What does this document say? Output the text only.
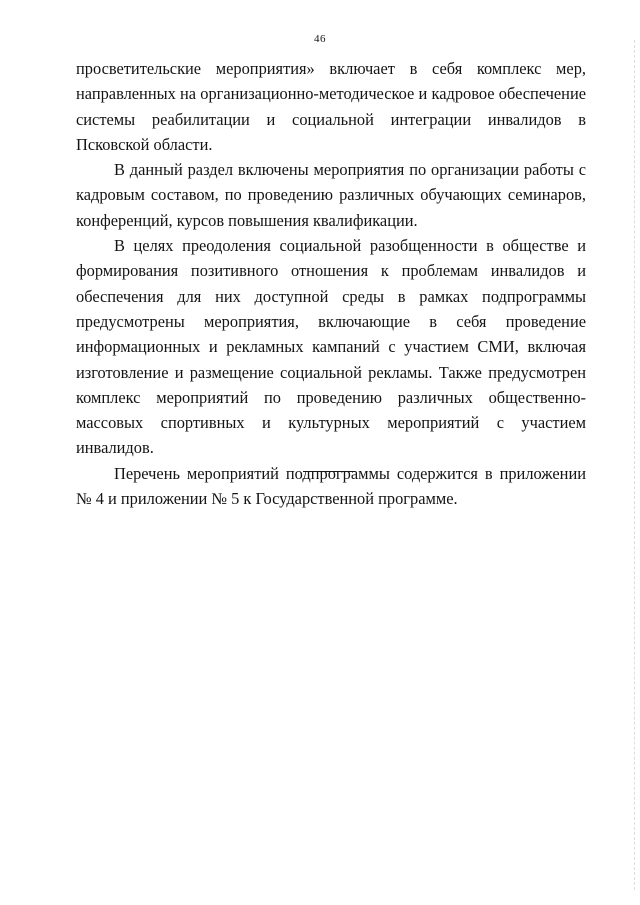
46

просветительские мероприятия» включает в себя комплекс мер, направленных на организационно-методическое и кадровое обеспечение системы реабилитации и социальной интеграции инвалидов в Псковской области.

В данный раздел включены мероприятия по организации работы с кадровым составом, по проведению различных обучающих семинаров, конференций, курсов повышения квалификации.

В целях преодоления социальной разобщенности в обществе и формирования позитивного отношения к проблемам инвалидов и обеспечения для них доступной среды в рамках подпрограммы предусмотрены мероприятия, включающие в себя проведение информационных и рекламных кампаний с участием СМИ, включая изготовление и размещение социальной рекламы. Также предусмотрен комплекс мероприятий по проведению различных общественно-массовых спортивных и культурных мероприятий с участием инвалидов.

Перечень мероприятий подпрограммы содержится в приложении № 4 и приложении № 5 к Государственной программе.
